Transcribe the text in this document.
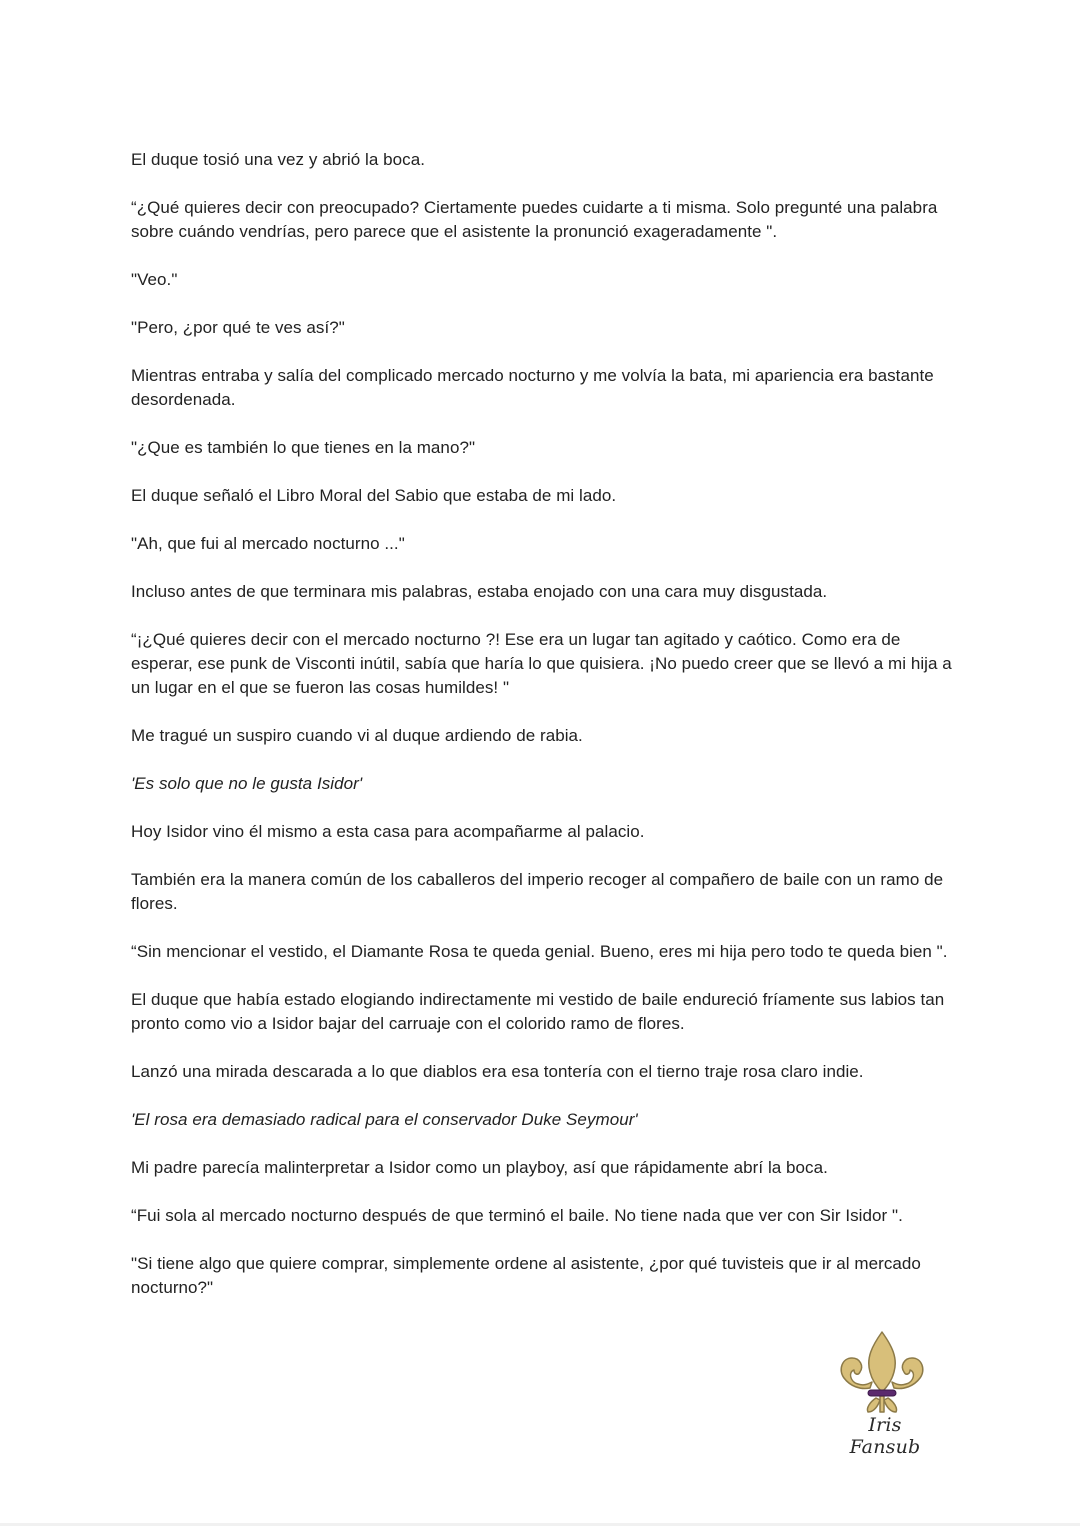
El duque tosió una vez y abrió la boca.

“¿Qué quieres decir con preocupado? Ciertamente puedes cuidarte a ti misma. Solo pregunté una palabra sobre cuándo vendrías, pero parece que el asistente la pronunció exageradamente ".

"Veo."

"Pero, ¿por qué te ves así?"

Mientras entraba y salía del complicado mercado nocturno y me volvía la bata, mi apariencia era bastante desordenada.

"¿Que es también lo que tienes en la mano?"

El duque señaló el Libro Moral del Sabio que estaba de mi lado.

"Ah, que fui al mercado nocturno ..."

Incluso antes de que terminara mis palabras, estaba enojado con una cara muy disgustada.

“¡¿Qué quieres decir con el mercado nocturno ?! Ese era un lugar tan agitado y caótico. Como era de esperar, ese punk de Visconti inútil, sabía que haría lo que quisiera. ¡No puedo creer que se llevó a mi hija a un lugar en el que se fueron las cosas humildes! "

Me tragué un suspiro cuando vi al duque ardiendo de rabia.

'Es solo que no le gusta Isidor'

Hoy Isidor vino él mismo a esta casa para acompañarme al palacio.

También era la manera común de los caballeros del imperio recoger al compañero de baile con un ramo de flores.

“Sin mencionar el vestido, el Diamante Rosa te queda genial. Bueno, eres mi hija pero todo te queda bien ".

El duque que había estado elogiando indirectamente mi vestido de baile endureció fríamente sus labios tan pronto como vio a Isidor bajar del carruaje con el colorido ramo de flores.

Lanzó una mirada descarada a lo que diablos era esa tontería con el tierno traje rosa claro indie.

'El rosa era demasiado radical para el conservador Duke Seymour'

Mi padre parecía malinterpretar a Isidor como un playboy, así que rápidamente abrí la boca.

“Fui sola al mercado nocturno después de que terminó el baile. No tiene nada que ver con Sir Isidor ".

"Si tiene algo que quiere comprar, simplemente ordene al asistente, ¿por qué tuvisteis que ir al mercado nocturno?"

Iris Fansub
